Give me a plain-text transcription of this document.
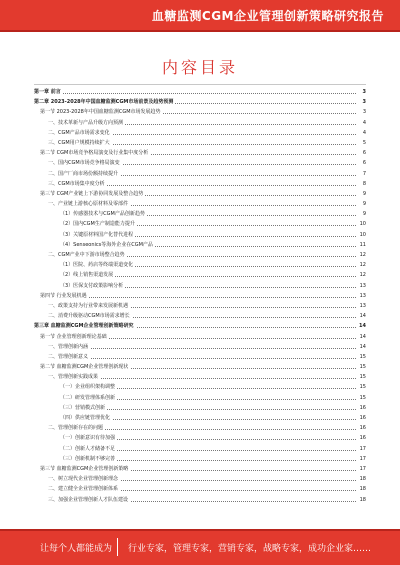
血糖监测CGM企业管理创新策略研究报告
内容目录
第一章 前言	3
第二章 2023-2028年中国血糖监测CGM市场前景及趋势预测	3
第一节 2023-2028年中国血糖监测CGM市场发展趋势	3
一、技术革新与产品升级方向预测	4
二、CGM产品市场需求变化	4
三、CGM用户规模持续扩大	5
第二节 CGM市场竞争格局演变及行业集中度分析	6
一、国内CGM市场竞争格局演变	6
二、国产厂商市场份额持续提升	7
三、CGM市场集中度分析	8
第三节 CGM产业链上下游协同发展及整合趋势	9
一、产业链上游核心原材料及零部件	9
（1）传感器技术与CGM产品创新趋势	9
（2）国内CGM生产制造能力提升	10
（3）关键原材料国产化替代进程	10
（4）Senseonics等海外企业在CGM产品	11
二、CGM产业中下游市场整合趋势	12
（1）医院、药店等终端渠道变化	12
（2）线上销售渠道发展	12
（3）医保支付政策影响分析	13
第四节 行业发展机遇	13
一、政策支持为行业带来发展新机遇	13
二、消费升级驱动CGM市场需求增长	14
第三章 血糖监测CGM企业管理创新策略研究	14
第一节 企业管理创新理论基础	14
一、管理创新内涵	14
二、管理创新意义	15
第二节 血糖监测CGM企业管理创新现状	15
一、管理创新实践成果	15
（一）企业组织架构调整	15
（二）研发管理体系创新	15
（三）营销模式创新	16
（四）供应链管理优化	16
二、管理创新存在的问题	16
（一）创新意识有待加强	16
（二）创新人才储备不足	17
（三）创新机制不够完善	17
第三节 血糖监测CGM企业管理创新策略	17
一、树立现代企业管理创新理念	18
二、建立健全企业管理创新体系	18
三、加强企业管理创新人才队伍建设	18
让每个人都能成为 行业专家，管理专家，营销专家，战略专家，成功企业家……
